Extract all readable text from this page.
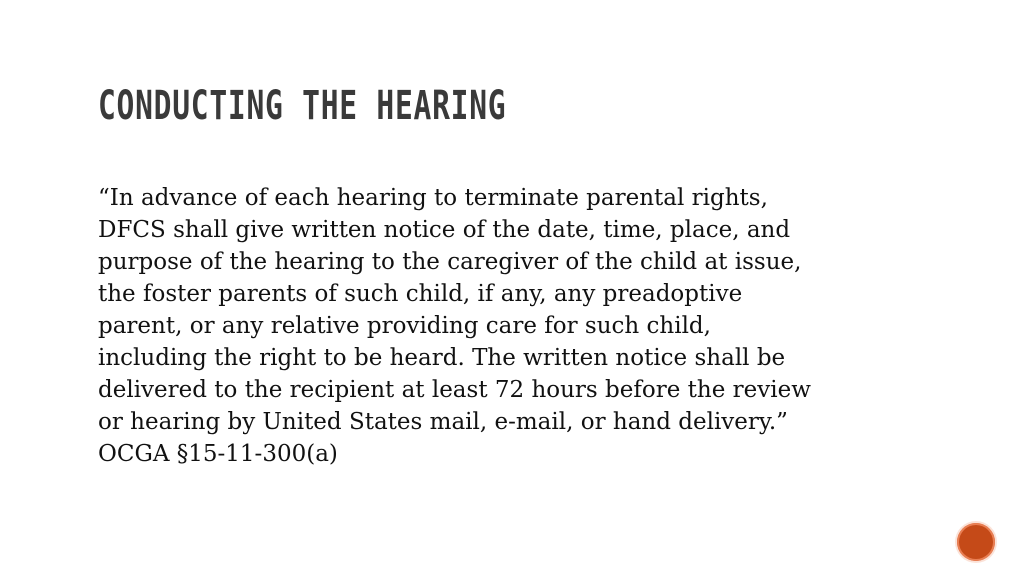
CONDUCTING THE HEARING

“In advance of each hearing to terminate parental rights,
DFCS shall give written notice of the date, time, place, and
purpose of the hearing to the caregiver of the child at issue,
the foster parents of such child, if any, any preadoptive
parent, or any relative providing care for such child,
including the right to be heard. The written notice shall be
delivered to the recipient at least 72 hours before the review
or hearing by United States mail, e-mail, or hand delivery.”
OCGA §15-11-300(a)
